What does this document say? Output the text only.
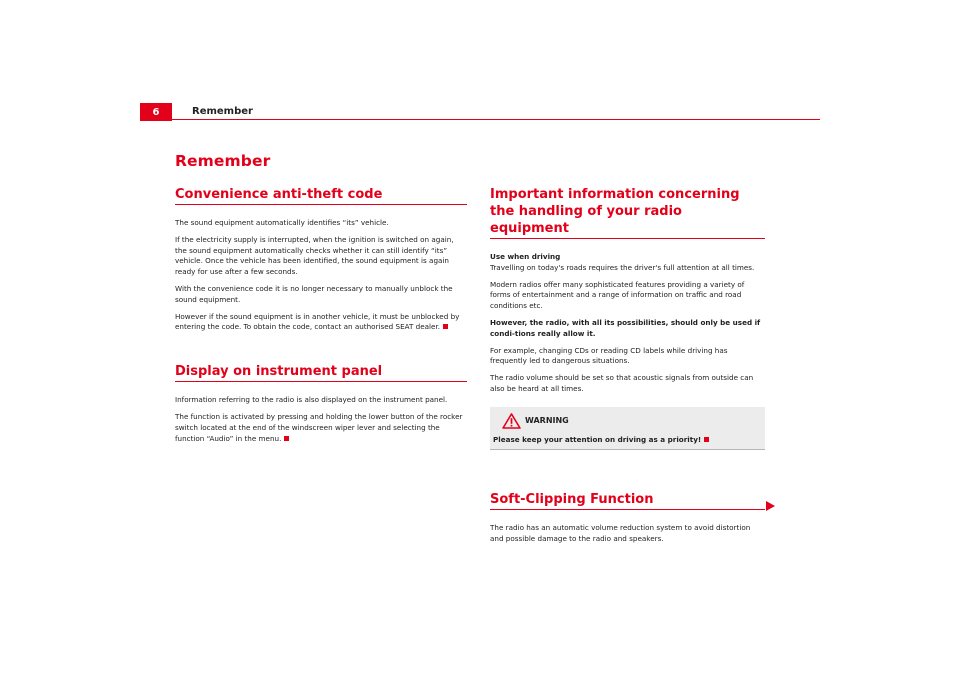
6	Remember
Remember
Convenience anti-theft code

The sound equipment automatically identifies “its” vehicle.

If the electricity supply is interrupted, when the ignition is switched on again, the sound equipment automatically checks whether it can still identify “its” vehicle. Once the vehicle has been identified, the sound equipment is again ready for use after a few seconds.

With the convenience code it is no longer necessary to manually unblock the sound equipment.

However if the sound equipment is in another vehicle, it must be unblocked by entering the code. To obtain the code, contact an authorised SEAT dealer.

Display on instrument panel

Information referring to the radio is also displayed on the instrument panel.

The function is activated by pressing and holding the lower button of the rocker switch located at the end of the windscreen wiper lever and selecting the function “Audio” in the menu.

Important information concerning the handling of your radio equipment

Use when driving

Travelling on today's roads requires the driver's full attention at all times.

Modern radios offer many sophisticated features providing a variety of forms of entertainment and a range of information on traffic and road conditions etc.

However, the radio, with all its possibilities, should only be used if condi-tions really allow it.

For example, changing CDs or reading CD labels while driving has frequently led to dangerous situations.

The radio volume should be set so that acoustic signals from outside can also be heard at all times.

WARNING
Please keep your attention on driving as a priority!
Soft-Clipping Function

The radio has an automatic volume reduction system to avoid distortion and possible damage to the radio and speakers.
